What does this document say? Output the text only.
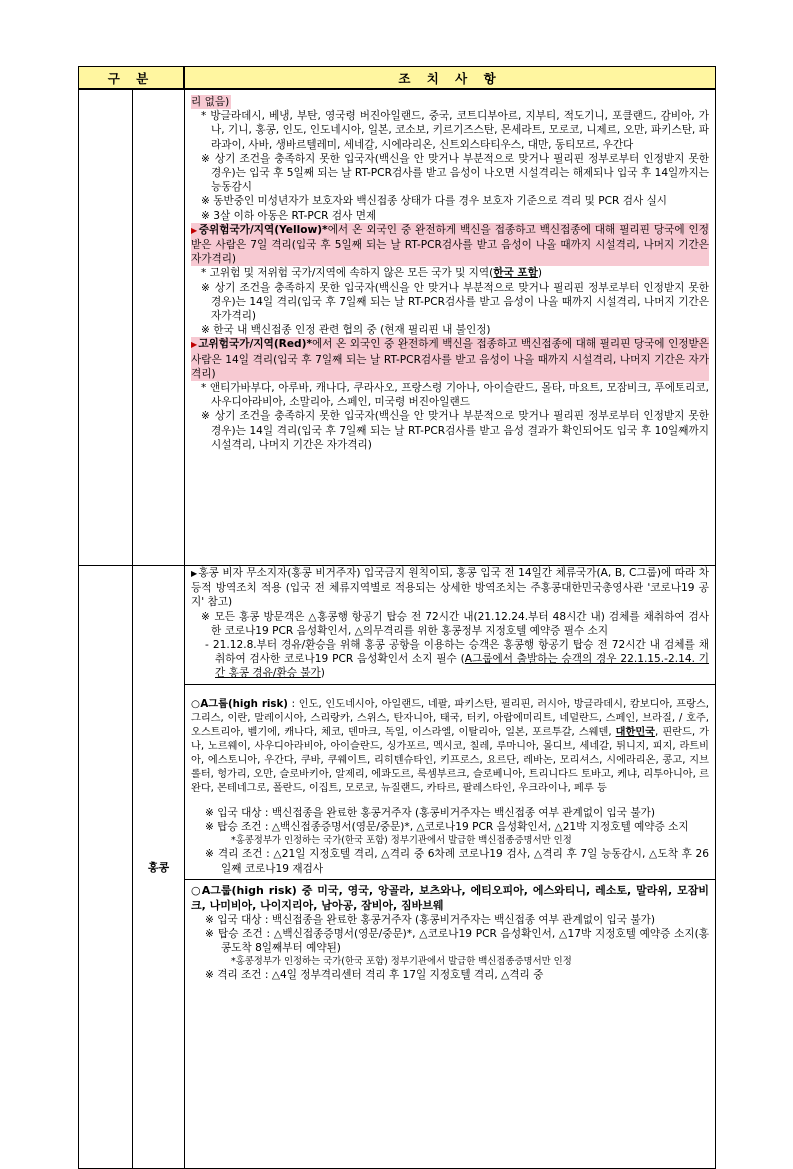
구 분	조 치 사 항

리 없음)

* 방글라데시, 베냉, 부탄, 영국령 버진아일랜드, 중국, 코트디부아르, 지부티, 적도기니, 포클랜드, 감비아, 가나, 기니, 홍콩, 인도, 인도네시아, 일본, 코소보, 키르기즈스탄, 몬세라트, 모로코, 니제르, 오만, 파키스탄, 파라과이, 사바, 생바르텔레미, 세네갈, 시에라리온, 신트외스타티우스, 대만, 동티모르, 우간다

※ 상기 조건을 충족하지 못한 입국자(백신을 안 맞거나 부분적으로 맞거나 필리핀 정부로부터 인정받지 못한 경우)는 입국 후 5일째 되는 날 RT-PCR검사를 받고 음성이 나오면 시설격리는 해제되나 입국 후 14일까지는 능동감시

※ 동반중인 미성년자가 보호자와 백신접종 상태가 다를 경우 보호자 기준으로 격리 및 PCR 검사 실시

※ 3살 이하 아동은 RT-PCR 검사 면제

▶중위험국가/지역(Yellow)*에서 온 외국인 중 완전하게 백신을 접종하고 백신접종에 대해 필리핀 당국에 인정받은 사람은 7일 격리(입국 후 5일째 되는 날 RT-PCR검사를 받고 음성이 나올 때까지 시설격리, 나머지 기간은 자가격리)

* 고위험 및 저위험 국가/지역에 속하지 않은 모든 국가 및 지역(한국 포함)

※ 상기 조건을 충족하지 못한 입국자(백신을 안 맞거나 부분적으로 맞거나 필리핀 정부로부터 인정받지 못한 경우)는 14일 격리(입국 후 7일째 되는 날 RT-PCR검사를 받고 음성이 나올 때까지 시설격리, 나머지 기간은 자가격리)

※ 한국 내 백신접종 인정 관련 협의 중 (현재 필리핀 내 불인정)

▶고위험국가/지역(Red)*에서 온 외국인 중 완전하게 백신을 접종하고 백신접종에 대해 필리핀 당국에 인정받은 사람은 14일 격리(입국 후 7일째 되는 날 RT-PCR검사를 받고 음성이 나올 때까지 시설격리, 나머지 기간은 자가격리)

* 앤티가바부다, 아루바, 캐나다, 쿠라사오, 프랑스령 기아나, 아이슬란드, 몰타, 마요트, 모잠비크, 푸에토리코, 사우디아라비아, 소말리아, 스페인, 미국령 버진아일랜드

※ 상기 조건을 충족하지 못한 입국자(백신을 안 맞거나 부분적으로 맞거나 필리핀 정부로부터 인정받지 못한 경우)는 14일 격리(입국 후 7일째 되는 날 RT-PCR검사를 받고 음성 결과가 확인되어도 입국 후 10일째까지 시설격리, 나머지 기간은 자가격리)

홍콩

▶홍콩 비자 무소지자(홍콩 비거주자) 입국금지 원칙이되, 홍콩 입국 전 14일간 체류국가(A, B, C그룹)에 따라 차등적 방역조치 적용 (입국 전 체류지역별로 적용되는 상세한 방역조치는 주홍콩대한민국총영사관 '코로나19 공지' 참고)

※ 모든 홍콩 방문객은 △홍콩행 항공기 탑승 전 72시간 내(21.12.24.부터 48시간 내) 검체를 채취하여 검사한 코로나19 PCR 음성확인서, △의무격리를 위한 홍콩정부 지정호텔 예약증 필수 소지

- 21.12.8.부터 경유/환승을 위해 홍콩 공항을 이용하는 승객은 홍콩행 항공기 탑승 전 72시간 내 검체를 채취하여 검사한 코로나19 PCR 음성확인서 소지 필수 (A그룹에서 출발하는 승객의 경우 22.1.15.-2.14. 기간 홍콩 경유/환승 불가)

○A그룹(high risk) : 인도, 인도네시아, 아일랜드, 네팔, 파키스탄, 필리핀, 러시아, 방글라데시, 캄보디아, 프랑스, 그리스, 이란, 말레이시아, 스리랑카, 스위스, 탄자니아, 태국, 터키, 아랍에미리트, 네덜란드, 스페인, 브라질, / 호주, 오스트리아, 벨기에, 캐나다, 체코, 덴마크, 독일, 이스라엘, 이탈리아, 일본, 포르투갈, 스웨덴, 대한민국, 핀란드, 가나, 노르웨이, 사우디아라비아, 아이슬란드, 싱가포르, 멕시코, 칠레, 루마니아, 몰디브, 세네갈, 튀니지, 피지, 라트비아, 에스토니아, 우간다, 쿠바, 쿠웨이트, 리히텐슈타인, 키프로스, 요르단, 레바논, 모리셔스, 시에라리온, 콩고, 지브롤터, 헝가리, 오만, 슬로바키아, 알제리, 에콰도르, 룩셈부르크, 슬로베니아, 트리니다드 토바고, 케냐, 리투아니아, 르완다, 몬테네그로, 폴란드, 이집트, 모로코, 뉴질랜드, 카타르, 팔레스타인, 우크라이나, 페루 등

※ 입국 대상 : 백신접종을 완료한 홍콩거주자 (홍콩비거주자는 백신접종 여부 관계없이 입국 불가)

※ 탑승 조건 : △백신접종증명서(영문/중문)*, △코로나19 PCR 음성확인서, △21박 지정호텔 예약증 소지

*홍콩정부가 인정하는 국가(한국 포함) 정부기관에서 발급한 백신접종증명서만 인정

※ 격리 조건 : △21일 지정호텔 격리, △격리 중 6차례 코로나19 검사, △격리 후 7일 능동감시, △도착 후 26일째 코로나19 재검사

○A그룹(high risk) 중 미국, 영국, 앙골라, 보츠와나, 에티오피아, 에스와티니, 레소토, 말라위, 모잠비크, 나미비아, 나이지리아, 남아공, 잠비아, 짐바브웨

※ 입국 대상 : 백신접종을 완료한 홍콩거주자 (홍콩비거주자는 백신접종 여부 관계없이 입국 불가)

※ 탑승 조건 : △백신접종증명서(영문/중문)*, △코로나19 PCR 음성확인서, △17박 지정호텔 예약증 소지(홍콩도착 8일째부터 예약된)

*홍콩정부가 인정하는 국가(한국 포함) 정부기관에서 발급한 백신접종증명서만 인정

※ 격리 조건 : △4일 정부격리센터 격리 후 17일 지정호텔 격리, △격리 중
